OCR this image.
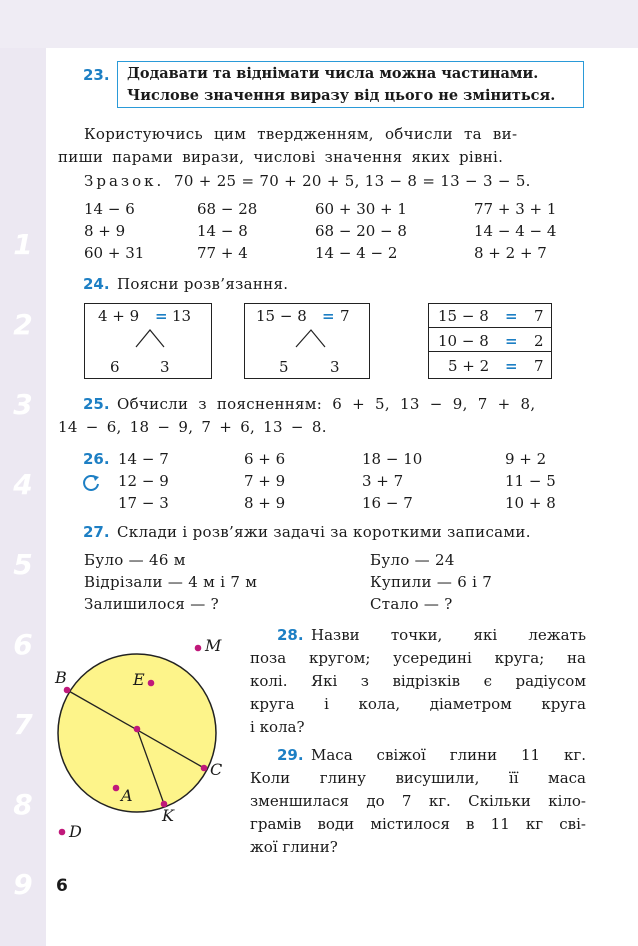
1
2
3
4
5
6
7
8
9
23. Додавати та віднімати числа можна частинами.
Числове значення виразу від цього не зміниться.
Користуючись цим твердженням, обчисли та ви-
пиши парами вирази, числові значення яких рівні.
Зразок. 70 + 25 = 70 + 20 + 5, 13 − 8 = 13 − 3 − 5.
14 − 6	68 − 28	60 + 30 + 1	77 + 3 + 1
8 + 9	14 − 8	68 − 20 − 8	14 − 4 − 4
60 + 31	77 + 4	14 − 4 − 2	8 + 2 + 7
24. Поясни розв’язання.
4 + 9 = 13
6	3
15 − 8 = 7
5	3
15 − 8 = 7
10 − 8 = 2
5 + 2 = 7
25. Обчисли з поясненням: 6 + 5, 13 − 9, 7 + 8,
14 − 6, 18 − 9, 7 + 6, 13 − 8.
26. 14 − 7	6 + 6	18 − 10	9 + 2
12 − 9	7 + 9	3 + 7	11 − 5
17 − 3	8 + 9	16 − 7	10 + 8
27. Склади і розв’яжи задачі за короткими записами.
Було — 46 м
Відрізали — 4 м і 7 м
Залишилося — ?
Було — 24
Купили — 6 і 7
Стало — ?
M
B	E
C
A
K
D
28. Назви точки, які лежать
поза кругом; усередині круга; на
колі. Які з відрізків є радіусом
круга і кола, діаметром круга
і кола?
29. Маса свіжої глини 11 кг.
Коли глину висушили, її маса
зменшилася до 7 кг. Скільки кіло-
грамів води містилося в 11 кг сві-
жої глини?
6
